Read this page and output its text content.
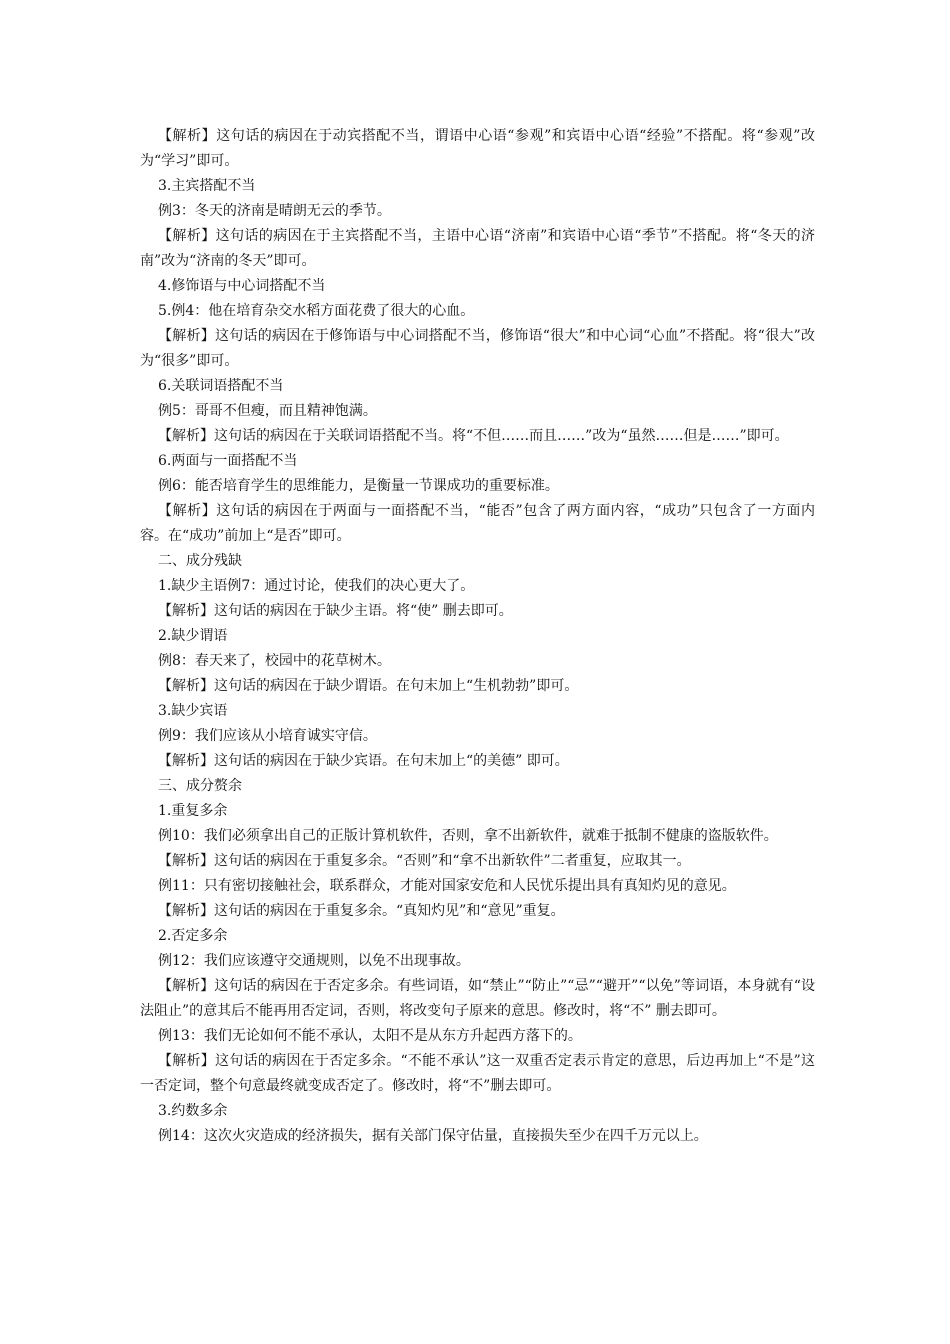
【解析】这句话的病因在于动宾搭配不当，谓语中心语“参观”和宾语中心语“经验”不搭配。将“参观”改为“学习”即可。

3.主宾搭配不当

例3：冬天的济南是晴朗无云的季节。

【解析】这句话的病因在于主宾搭配不当，主语中心语“济南”和宾语中心语“季节”不搭配。将“冬天的济南”改为“济南的冬天”即可。

4.修饰语与中心词搭配不当

5.例4：他在培育杂交水稻方面花费了很大的心血。

【解析】这句话的病因在于修饰语与中心词搭配不当，修饰语“很大”和中心词“心血”不搭配。将“很大”改为“很多”即可。

6.关联词语搭配不当

例5：哥哥不但瘦，而且精神饱满。

【解析】这句话的病因在于关联词语搭配不当。将“不但……而且……”改为“虽然……但是……”即可。

6.两面与一面搭配不当

例6：能否培育学生的思维能力，是衡量一节课成功的重要标准。

【解析】这句话的病因在于两面与一面搭配不当，“能否”包含了两方面内容，“成功”只包含了一方面内容。在“成功”前加上“是否”即可。

二、成分残缺

1.缺少主语例7：通过讨论，使我们的决心更大了。

【解析】这句话的病因在于缺少主语。将“使” 删去即可。

2.缺少谓语

例8：春天来了，校园中的花草树木。

【解析】这句话的病因在于缺少谓语。在句末加上“生机勃勃”即可。

3.缺少宾语

例9：我们应该从小培育诚实守信。

【解析】这句话的病因在于缺少宾语。在句末加上“的美德” 即可。

三、成分赘余

1.重复多余

例10：我们必须拿出自己的正版计算机软件，否则，拿不出新软件，就难于抵制不健康的盗版软件。

【解析】这句话的病因在于重复多余。“否则”和“拿不出新软件”二者重复，应取其一。

例11：只有密切接触社会，联系群众，才能对国家安危和人民忧乐提出具有真知灼见的意见。

【解析】这句话的病因在于重复多余。“真知灼见”和“意见”重复。

2.否定多余

例12：我们应该遵守交通规则，以免不出现事故。

【解析】这句话的病因在于否定多余。有些词语，如“禁止”“防止”“忌”“避开”“以免”等词语，本身就有“设法阻止”的意其后不能再用否定词，否则，将改变句子原来的意思。修改时，将“不” 删去即可。

例13：我们无论如何不能不承认，太阳不是从东方升起西方落下的。

【解析】这句话的病因在于否定多余。“不能不承认”这一双重否定表示肯定的意思，后边再加上“不是”这一否定词，整个句意最终就变成否定了。修改时，将“不”删去即可。

3.约数多余

例14：这次火灾造成的经济损失，据有关部门保守估量，直接损失至少在四千万元以上。
